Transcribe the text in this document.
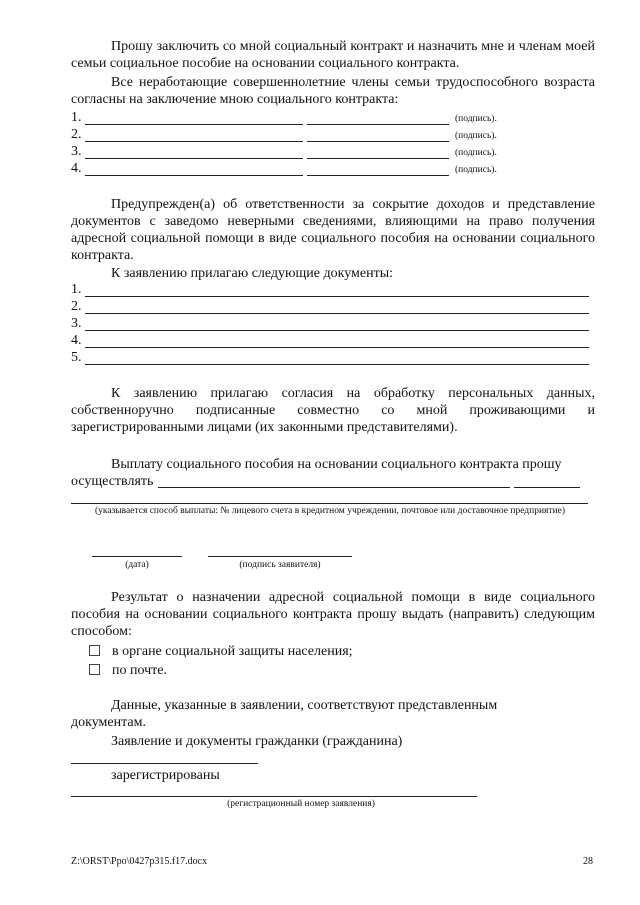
Прошу заключить со мной социальный контракт и назначить мне и членам моей семьи социальное пособие на основании социального контракта.

Все неработающие совершеннолетние члены семьи трудоспособного возраста согласны на заключение мною социального контракта:

1.	(подпись).
2.	(подпись).
3.	(подпись).
4.	(подпись).

Предупрежден(а) об ответственности за сокрытие доходов и представление документов с заведомо неверными сведениями, влияющими на право получения адресной социальной помощи в виде социального пособия на основании социального контракта.

К заявлению прилагаю следующие документы:

1.
2.
3.
4.
5.

К заявлению прилагаю согласия на обработку персональных данных, собственноручно подписанные совместно со мной проживающими и зарегистрированными лицами (их законными представителями).

Выплату социального пособия на основании социального контракта прошу

осуществлять

(указывается способ выплаты: № лицевого счета в кредитном учреждении, почтовое или доставочное предприятие)
(дата)	(подпись заявителя)

Результат о назначении адресной социальной помощи в виде социального пособия на основании социального контракта прошу выдать (направить) следующим способом:

в органе социальной защиты населения;
по почте.

Данные, указанные в заявлении, соответствуют представленным документам.

Заявление и документы гражданки (гражданина)

зарегистрированы

(регистрационный номер заявления)
Z:\ORST\Ppo\0427p315.f17.docx	28
